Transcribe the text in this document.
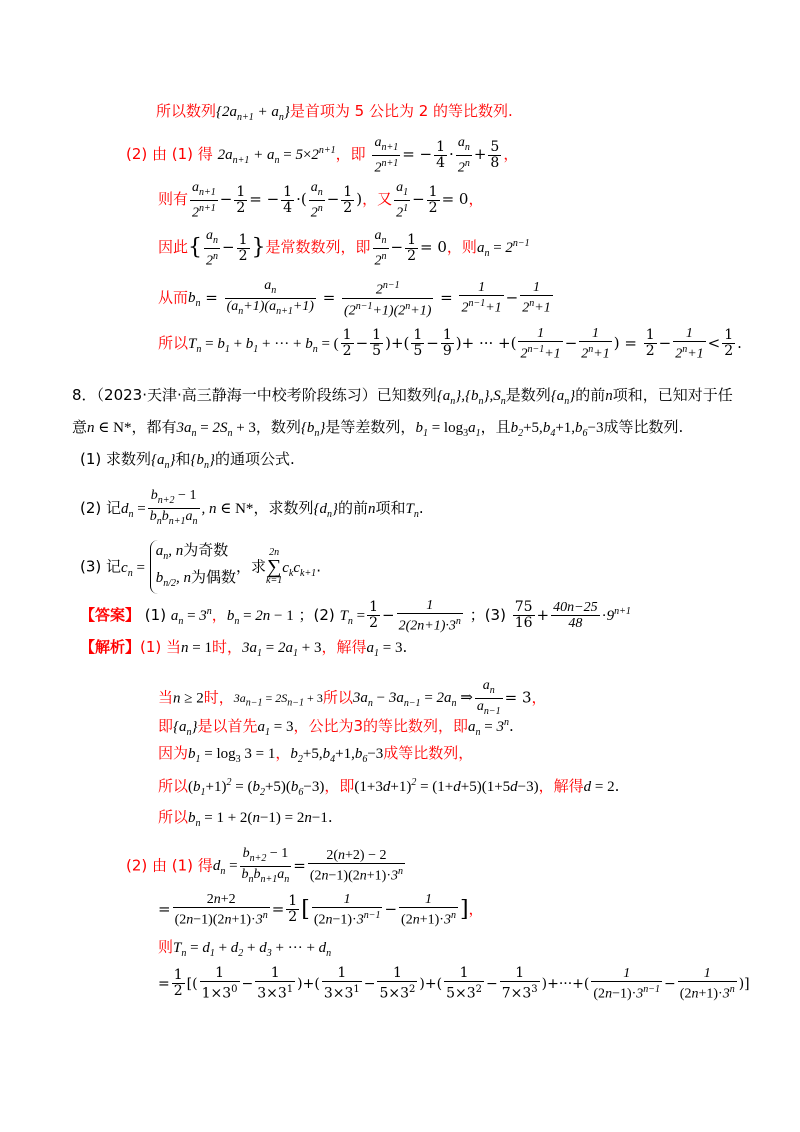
所以数列$\{2a_{n+1} + a_n\}$是首项为 5 公比为 2 的等比数列.
(2) 由 (1) 得 $2a_{n+1} + a_n = 5\times 2^{n+1}$，即 $\frac{a_{n+1}}{2^{n+1}}$ = − $\frac{1}{4} \cdot \frac{a_n}{2^n} + \frac{5}{8}$ ，
则有 $\frac{a_{n+1}}{2^{n+1}} - \frac{1}{2}$ = − $\frac{1}{4}$ ·( $\frac{a_n}{2^n} - \frac{1}{2}$ )，又 $\frac{a_1}{2^1} - \frac{1}{2} = 0$，
因此{ $\frac{a_n}{2^n} - \frac{1}{2}$ }是常数数列，即 $\frac{a_n}{2^n} - \frac{1}{2} = 0$，则$a_n = 2^{n-1}$
从而$b_n = \frac{a_n}{(a_n+1)(a_{n+1}+1)} = \frac{2^{n-1}}{(2^{n-1}+1)(2^n+1)} = \frac{1}{2^{n-1}+1} - \frac{1}{2^n+1}$
所以$T_n = b_1 + b_1$ + ··· + $b_n$ = ( $\frac{1}{2} - \frac{1}{5}$ )+( $\frac{1}{5} - \frac{1}{9}$ )+ ··· +( $\frac{1}{2^{n-1}+1} - \frac{1}{2^n+1}$ ) = $\frac{1}{2} - \frac{1}{2^n+1} < \frac{1}{2}$ .
8．（2023·天津·高三静海一中校考阶段练习）已知数列$\{a_n\},\{b_n\},S_n$是数列$\{a_n\}$的前n项和，已知对于任
意n ∈ N*，都有$3a_n = 2S_n + 3$，数列$\{b_n\}$是等差数列，$b_1 = \log_3a_1$，且$b_2+5,b_4+1,b_6-3$成等比数列.
(1) 求数列$\{a_n\}$和$\{b_n\}$的通项公式.
(2) 记$d_n = \frac{b_{n+2} - 1}{b_nb_{n+1}a_n}$ , n ∈ N*，求数列$\{d_n\}$的前n项和$T_n$.
(3) 记$c_n$ =
$a_n$, n为奇数
$b_{n/2}$, n为偶数
，求2n
∑
$k=1c_kc_{k+1}$.
【答案】 (1) $a_n = 3^n$，$b_n = 2n - 1$ ；(2) $T_n = \frac{1}{2} - \frac{1}{2(2n+1)\cdot 3^n}$ ；$(3) \frac{75}{16} + \frac{40n-25}{48} \cdot 9^{n+1}$
【解析】(1) 当n = 1时，$3a_1 = 2a_1 + 3$，解得$a_1 = 3$.
当n ≥ 2时，$3a_{n-1} = 2S_{n-1} + 3$所以$3a_n - 3a_{n-1} = 2a_n$ ⇒ $\frac{a_n}{a_{n-1}} = 3$，
即$\{a_n\}$是以首先$a_1 = 3$，公比为3的等比数列，即$a_n = 3^n$.
因为$b_1 = \log_3 3 = 1$，$b_2+5,b_4+1,b_6-3$成等比数列，
所以$(b_1+1)^2 = (b_2+5)(b_6-3)$，即$(1+3d+1)^2 = (1+d+5)(1+5d-3)$，解得d = 2.
所以$b_n = 1 + 2(n-1) = 2n-1$.
(2) 由 (1) 得$d_n = \frac{b_{n+2} - 1}{b_nb_{n+1}a_n} = \frac{2(n+2) - 2}{(2n-1)(2n+1)\cdot 3^n}$
= $\frac{2n+2}{(2n-1)(2n+1)\cdot 3^n} = \frac{1}{2}$ [ $\frac{1}{(2n-1)\cdot 3^{n-1}} - \frac{1}{(2n+1)\cdot 3^n}$ ]，
则$T_n = d_1 + d_2 + d_3$ + ··· + $d_n$
= $\frac{1}{2}$ [( $\frac{1}{1\times 3^0} - \frac{1}{3\times 3^1}$ )+( $\frac{1}{3\times 3^1} - \frac{1}{5\times 3^2}$ )+( $\frac{1}{5\times 3^2} - \frac{1}{7\times 3^3}$ )+···+( $\frac{1}{(2n-1)\cdot 3^{n-1}} - \frac{1}{(2n+1)\cdot 3^n}$ )]
